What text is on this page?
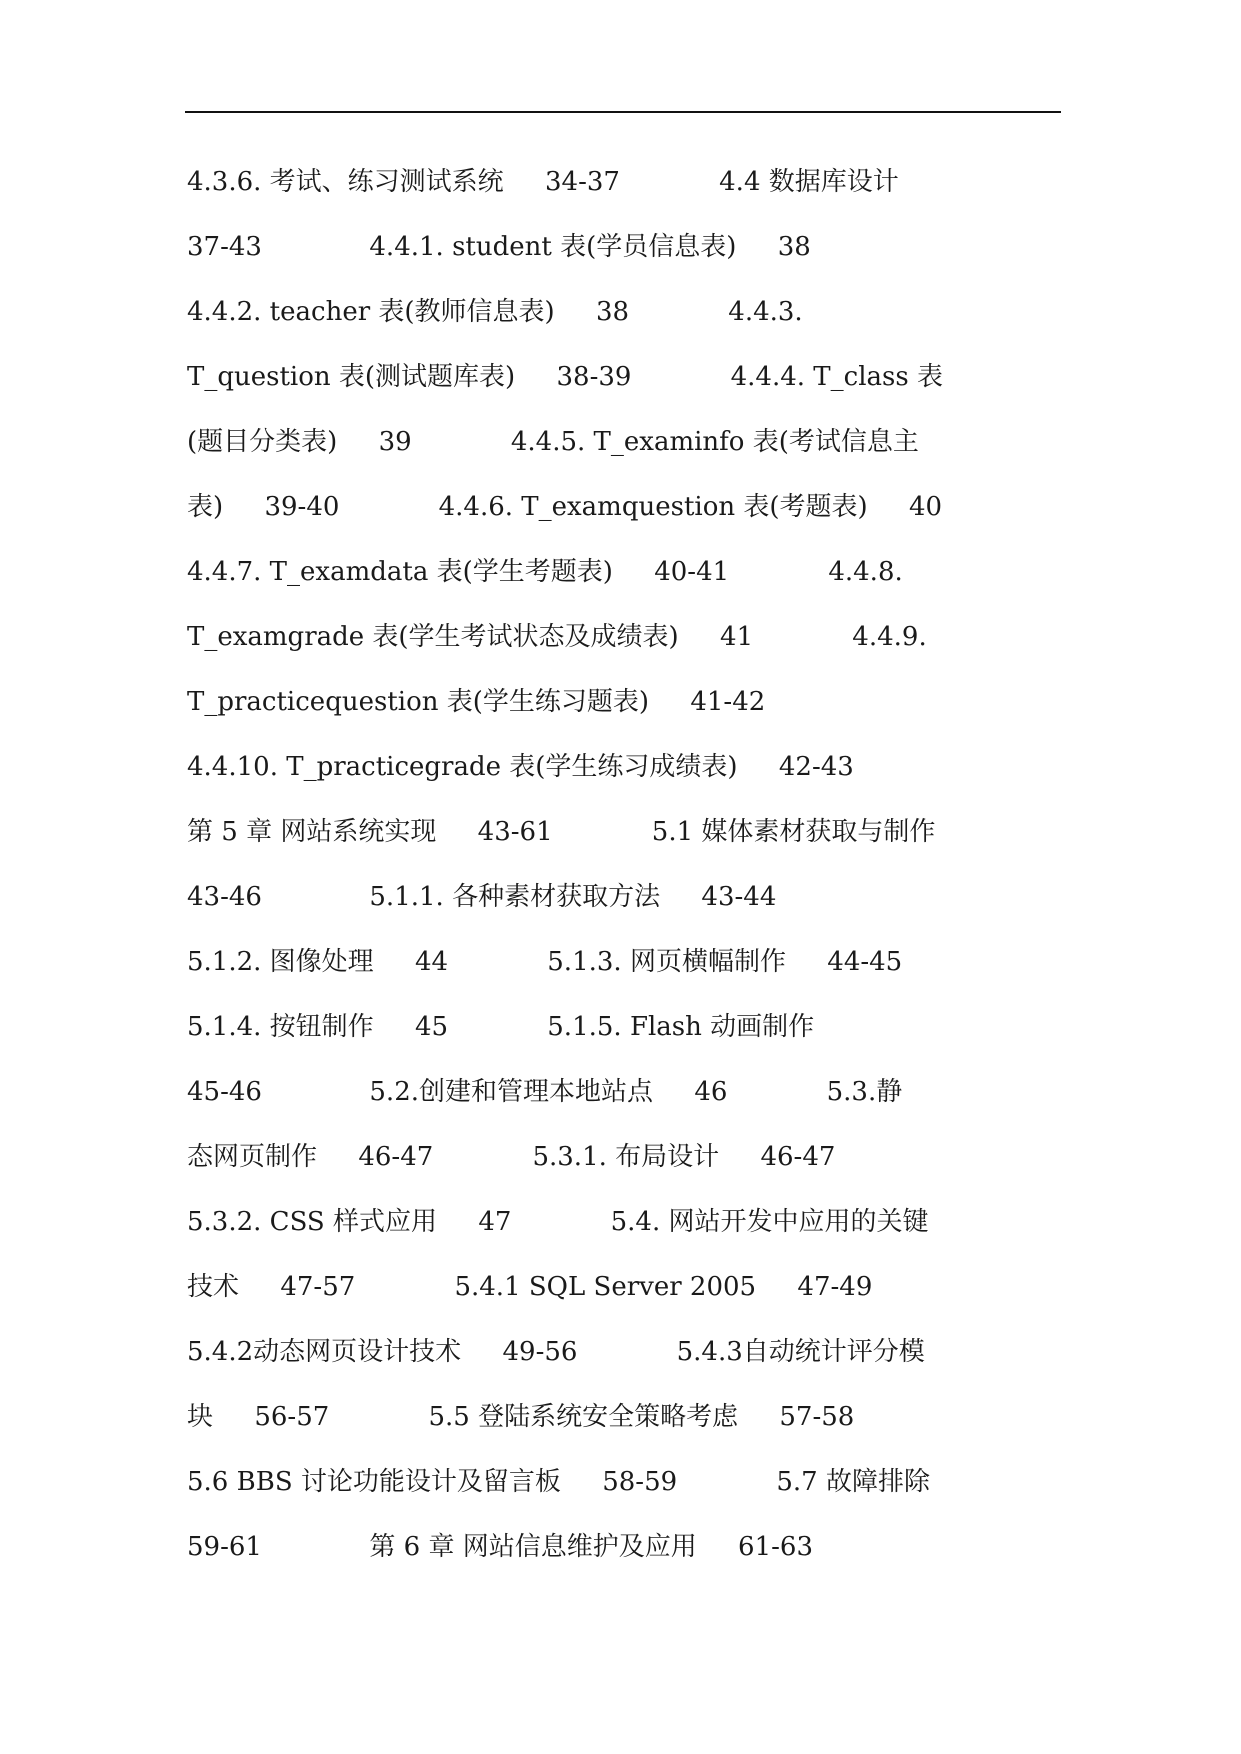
4.3.6. 考试、练习测试系统     34-37            4.4 数据库设计
37-43             4.4.1. student 表(学员信息表)     38
4.4.2. teacher 表(教师信息表)     38            4.4.3.
T_question 表(测试题库表)     38-39            4.4.4. T_class 表
(题目分类表)     39            4.4.5. T_examinfo 表(考试信息主
表)     39-40            4.4.6. T_examquestion 表(考题表)     40
4.4.7. T_examdata 表(学生考题表)     40-41            4.4.8.
T_examgrade 表(学生考试状态及成绩表)     41            4.4.9.
T_practicequestion 表(学生练习题表)     41-42
4.4.10. T_practicegrade 表(学生练习成绩表)     42-43
第 5 章 网站系统实现     43-61            5.1 媒体素材获取与制作
43-46             5.1.1. 各种素材获取方法     43-44
5.1.2. 图像处理     44            5.1.3. 网页横幅制作     44-45
5.1.4. 按钮制作     45            5.1.5. Flash 动画制作
45-46             5.2.创建和管理本地站点     46            5.3.静
态网页制作     46-47            5.3.1. 布局设计     46-47
5.3.2. CSS 样式应用     47            5.4. 网站开发中应用的关键
技术     47-57            5.4.1 SQL Server 2005     47-49
5.4.2动态网页设计技术     49-56            5.4.3自动统计评分模
块     56-57            5.5 登陆系统安全策略考虑     57-58
5.6 BBS 讨论功能设计及留言板     58-59            5.7 故障排除
59-61             第 6 章 网站信息维护及应用     61-63
